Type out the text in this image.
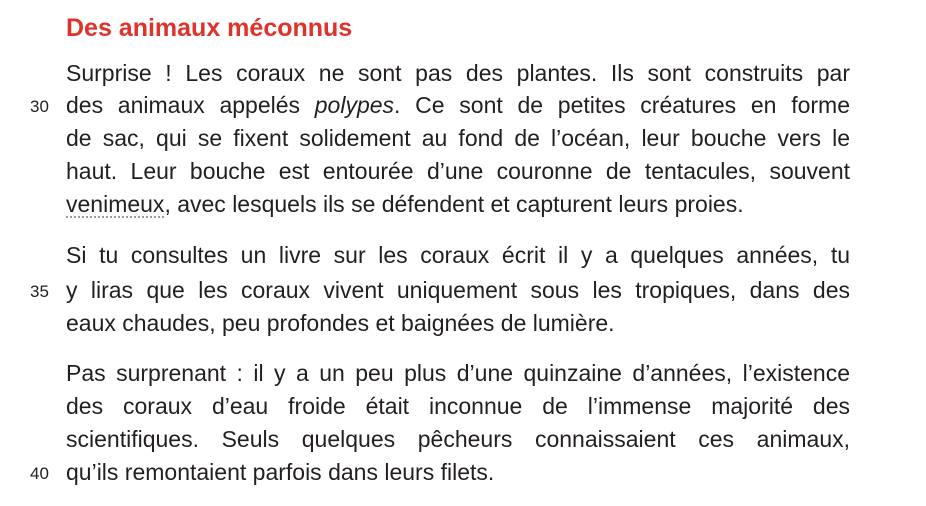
Des animaux méconnus
Surprise ! Les coraux ne sont pas des plantes. Ils sont construits par
des animaux appelés polypes. Ce sont de petites créatures en forme
de sac, qui se fixent solidement au fond de l’océan, leur bouche vers le
haut. Leur bouche est entourée d’une couronne de tentacules, souvent
venimeux, avec lesquels ils se défendent et capturent leurs proies.
Si tu consultes un livre sur les coraux écrit il y a quelques années, tu
y liras que les coraux vivent uniquement sous les tropiques, dans des
eaux chaudes, peu profondes et baignées de lumière.
Pas surprenant : il y a un peu plus d’une quinzaine d’années, l’existence
des coraux d’eau froide était inconnue de l’immense majorité des
scientifiques. Seuls quelques pêcheurs connaissaient ces animaux,
qu’ils remontaient parfois dans leurs filets.
30
35
40
